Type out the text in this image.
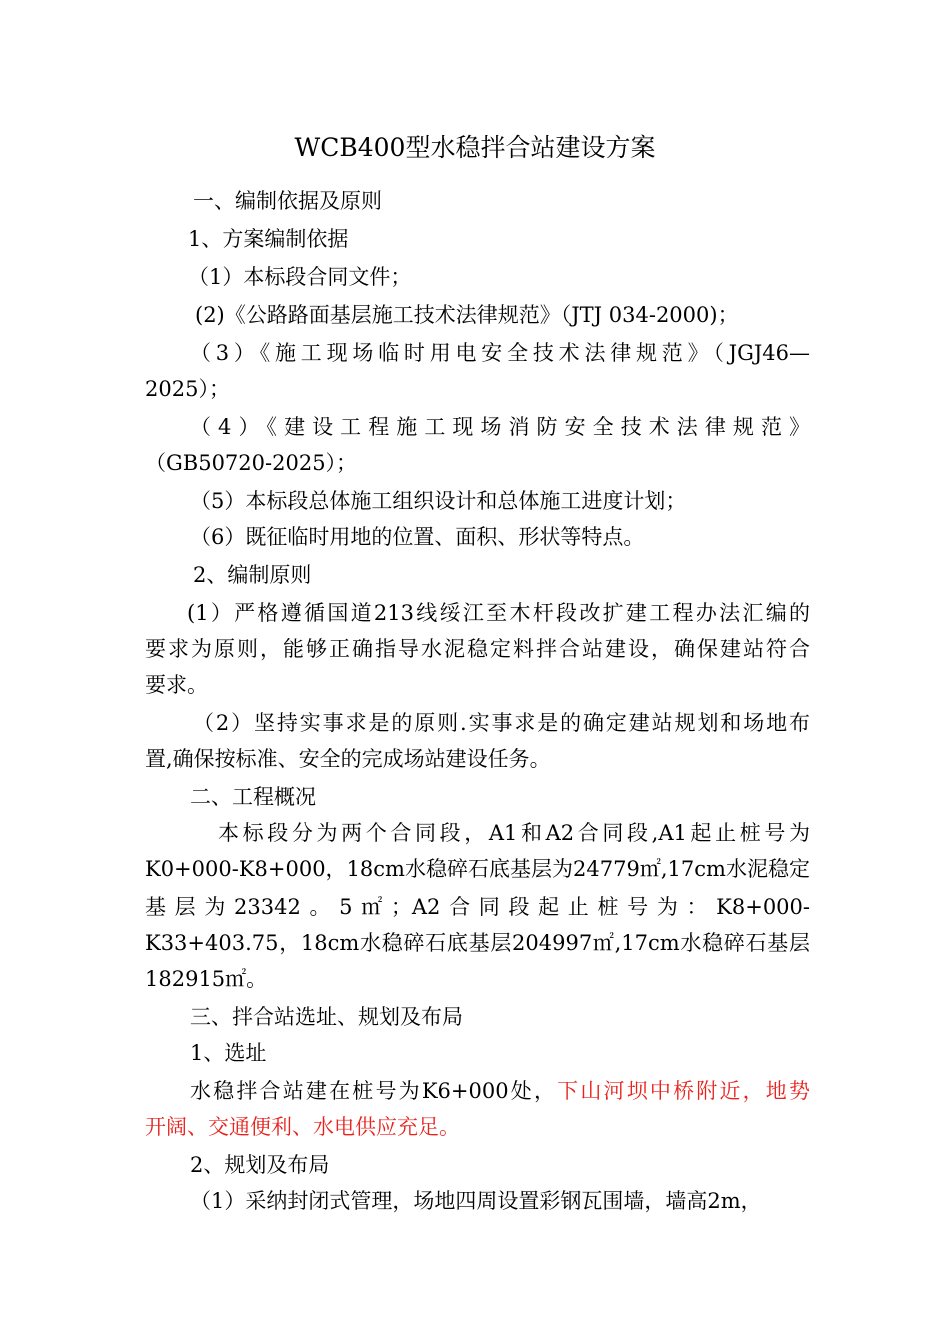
WCB400型水稳拌合站建设方案
一、编制依据及原则
1、方案编制依据
（1）本标段合同文件；
(2)《公路路面基层施工技术法律规范》（JTJ 034-2000)；
（3）《施工现场临时用电安全技术法律规范》（JGJ46—
2025）；
（4）《建设工程施工现场消防安全技术法律规范》
（GB50720-2025）；
（5）本标段总体施工组织设计和总体施工进度计划；
（6）既征临时用地的位置、面积、形状等特点。
2、编制原则
(1）严格遵循国道213线绥江至木杆段改扩建工程办法汇编的
要求为原则，能够正确指导水泥稳定料拌合站建设，确保建站符合
要求。
（2）坚持实事求是的原则.实事求是的确定建站规划和场地布
置,确保按标准、安全的完成场站建设任务。
二、工程概况
本标段分为两个合同段，A1和A2合同段,A1起止桩号为
K0+000-K8+000，18cm水稳碎石底基层为24779㎡,17cm水泥稳定
基层为23342。5㎡；A2合同段起止桩号为：K8+000-
K33+403.75，18cm水稳碎石底基层204997㎡,17cm水稳碎石基层
182915㎡。
三、拌合站选址、规划及布局
1、选址
水稳拌合站建在桩号为K6+000处，下山河坝中桥附近，地势
开阔、交通便利、水电供应充足。
2、规划及布局
（1）采纳封闭式管理，场地四周设置彩钢瓦围墙，墙高2m，
